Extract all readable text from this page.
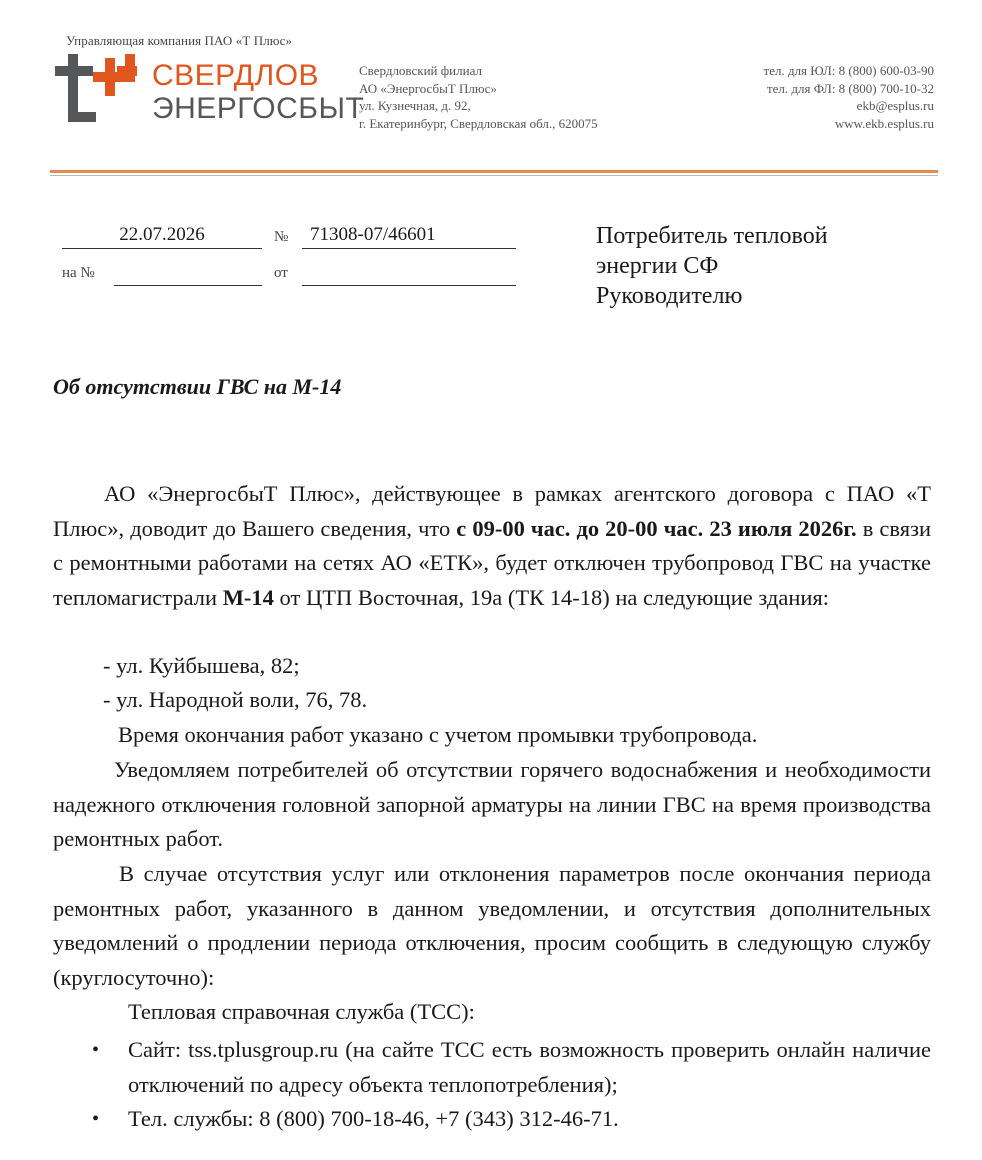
Управляющая компания ПАО «Т Плюс»
СВЕРДЛОВ
ЭНЕРГОСБЫТ
Свердловский филиал
АО «ЭнергосбыТ Плюс»
ул. Кузнечная, д. 92,
г. Екатеринбург, Свердловская обл., 620075
тел. для ЮЛ: 8 (800) 600-03-90
тел. для ФЛ: 8 (800) 700-10-32
ekb@esplus.ru
www.ekb.esplus.ru
22.07.2026	№	71308-07/46601
на №	от
Потребитель тепловой
энергии СФ
Руководителю
Об отсутствии ГВС на М-14
АО «ЭнергосбыТ Плюс», действующее в рамках агентского договора с ПАО «Т Плюс», доводит до Вашего сведения, что с 09-00 час. до 20-00 час. 23 июля 2026г. в связи с ремонтными работами на сетях АО «ЕТК», будет отключен трубопровод ГВС на участке тепломагистрали М-14 от ЦТП Восточная, 19а (ТК 14-18) на следующие здания:
- ул. Куйбышева, 82;
- ул. Народной воли, 76, 78.
Время окончания работ указано с учетом промывки трубопровода.
Уведомляем потребителей об отсутствии горячего водоснабжения и необходимости надежного отключения головной запорной арматуры на линии ГВС на время производства ремонтных работ.
В случае отсутствия услуг или отклонения параметров после окончания периода ремонтных работ, указанного в данном уведомлении, и отсутствия дополнительных уведомлений о продлении периода отключения, просим сообщить в следующую службу (круглосуточно):
Тепловая справочная служба (ТСС):
• Сайт: tss.tplusgroup.ru (на сайте ТСС есть возможность проверить онлайн наличие отключений по адресу объекта теплопотребления);
• Тел. службы: 8 (800) 700-18-46, +7 (343) 312-46-71.
